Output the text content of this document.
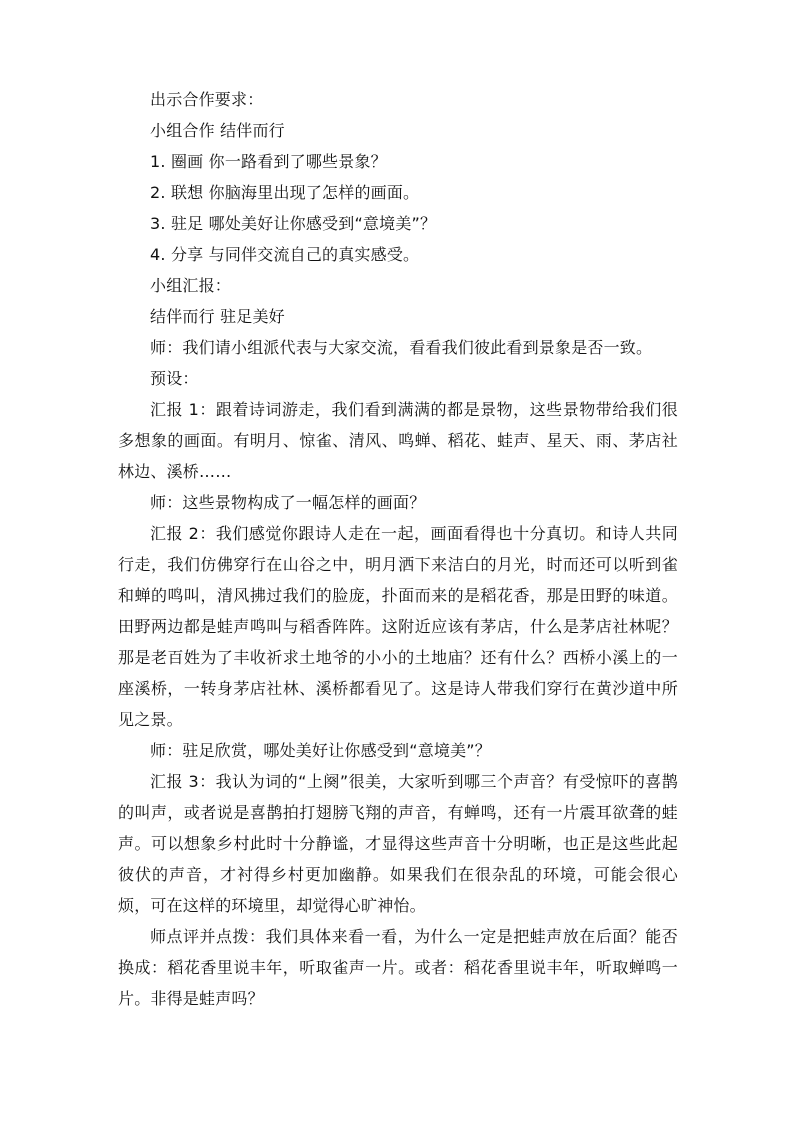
出示合作要求：

小组合作 结伴而行

1. 圈画 你一路看到了哪些景象？

2. 联想 你脑海里出现了怎样的画面。

3. 驻足 哪处美好让你感受到“意境美”？

4. 分享 与同伴交流自己的真实感受。

小组汇报：

结伴而行 驻足美好

师：我们请小组派代表与大家交流，看看我们彼此看到景象是否一致。

预设：

汇报 1：跟着诗词游走，我们看到满满的都是景物，这些景物带给我们很多想象的画面。有明月、惊雀、清风、鸣蝉、稻花、蛙声、星天、雨、茅店社林边、溪桥……

师：这些景物构成了一幅怎样的画面？

汇报 2：我们感觉你跟诗人走在一起，画面看得也十分真切。和诗人共同行走，我们仿佛穿行在山谷之中，明月洒下来洁白的月光，时而还可以听到雀和蝉的鸣叫，清风拂过我们的脸庞，扑面而来的是稻花香，那是田野的味道。田野两边都是蛙声鸣叫与稻香阵阵。这附近应该有茅店，什么是茅店社林呢？那是老百姓为了丰收祈求土地爷的小小的土地庙？还有什么？西桥小溪上的一座溪桥，一转身茅店社林、溪桥都看见了。这是诗人带我们穿行在黄沙道中所见之景。

师：驻足欣赏，哪处美好让你感受到“意境美”？

汇报 3：我认为词的“上阕”很美，大家听到哪三个声音？有受惊吓的喜鹊的叫声，或者说是喜鹊拍打翅膀飞翔的声音，有蝉鸣，还有一片震耳欲聋的蛙声。可以想象乡村此时十分静谧，才显得这些声音十分明晰，也正是这些此起彼伏的声音，才衬得乡村更加幽静。如果我们在很杂乱的环境，可能会很心烦，可在这样的环境里，却觉得心旷神怡。

师点评并点拨：我们具体来看一看，为什么一定是把蛙声放在后面？能否换成：稻花香里说丰年，听取雀声一片。或者：稻花香里说丰年，听取蝉鸣一片。非得是蛙声吗？
